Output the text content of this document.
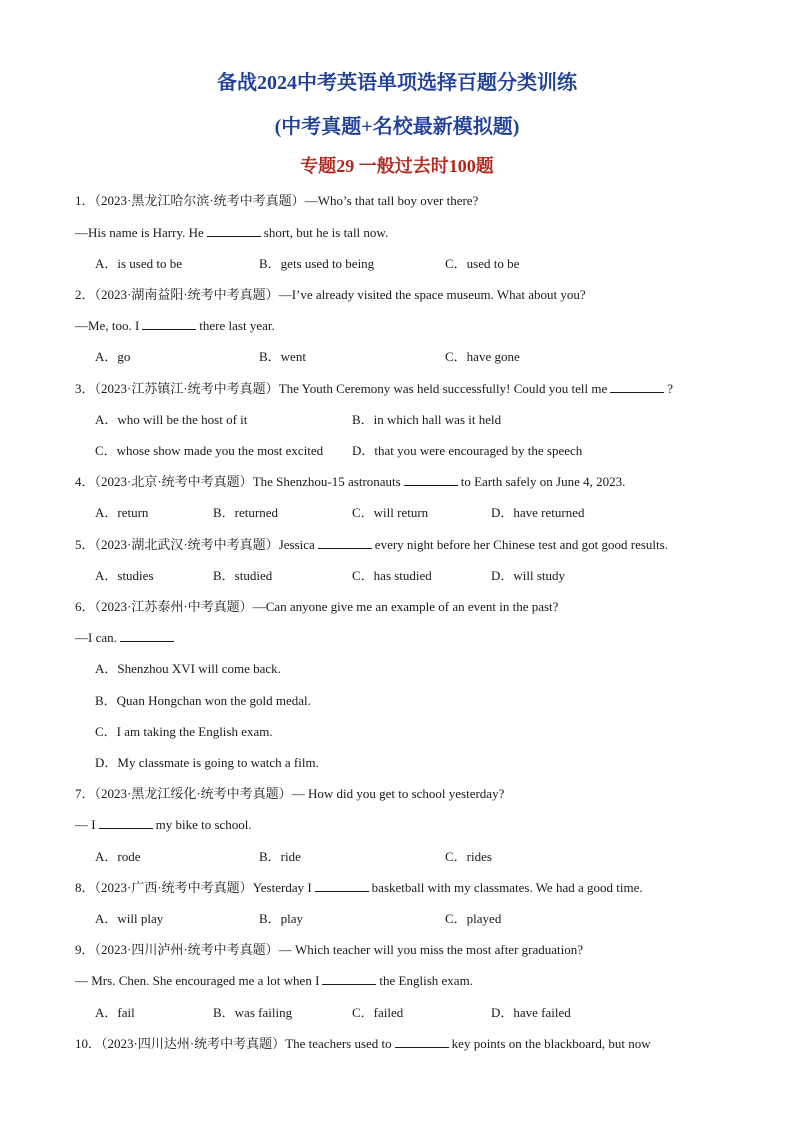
备战2024中考英语单项选择百题分类训练
(中考真题+名校最新模拟题)
专题29 一般过去时100题
1．（2023·黑龙江哈尔滨·统考中考真题）—Who’s that tall boy over there?
—His name is Harry. He	short, but he is tall now.
A．is used to be	B．gets used to being	C．used to be
2．（2023·湖南益阳·统考中考真题）—I’ve already visited the space museum. What about you?
—Me, too. I	there last year.
A．go	B．went	C．have gone
3．（2023·江苏镇江·统考中考真题）The Youth Ceremony was held successfully! Could you tell me	?
A．who will be the host of it	B．in which hall was it held
C．whose show made you the most excited D．that you were encouraged by the speech
4．（2023·北京·统考中考真题）The Shenzhou-15 astronauts	to Earth safely on June 4, 2023.
A．return	B．returned	C．will return	D．have returned
5．（2023·湖北武汉·统考中考真题）Jessica	every night before her Chinese test and got good results.
A．studies	B．studied	C．has studied	D．will study
6．（2023·江苏泰州·中考真题）—Can anyone give me an example of an event in the past?
—I can.
A．Shenzhou XVI will come back.
B．Quan Hongchan won the gold medal.
C．I am taking the English exam.
D．My classmate is going to watch a film.
7．（2023·黑龙江绥化·统考中考真题）— How did you get to school yesterday?
— I	my bike to school.
A．rode	B．ride	C．rides
8．（2023·广西·统考中考真题）Yesterday I	basketball with my classmates. We had a good time.
A．will play	B．play	C．played
9．（2023·四川泸州·统考中考真题）— Which teacher will you miss the most after graduation?
— Mrs. Chen. She encouraged me a lot when I	the English exam.
A．fail	B．was failing	C．failed	D．have failed
10．（2023·四川达州·统考中考真题）The teachers used to	key points on the blackboard, but now
